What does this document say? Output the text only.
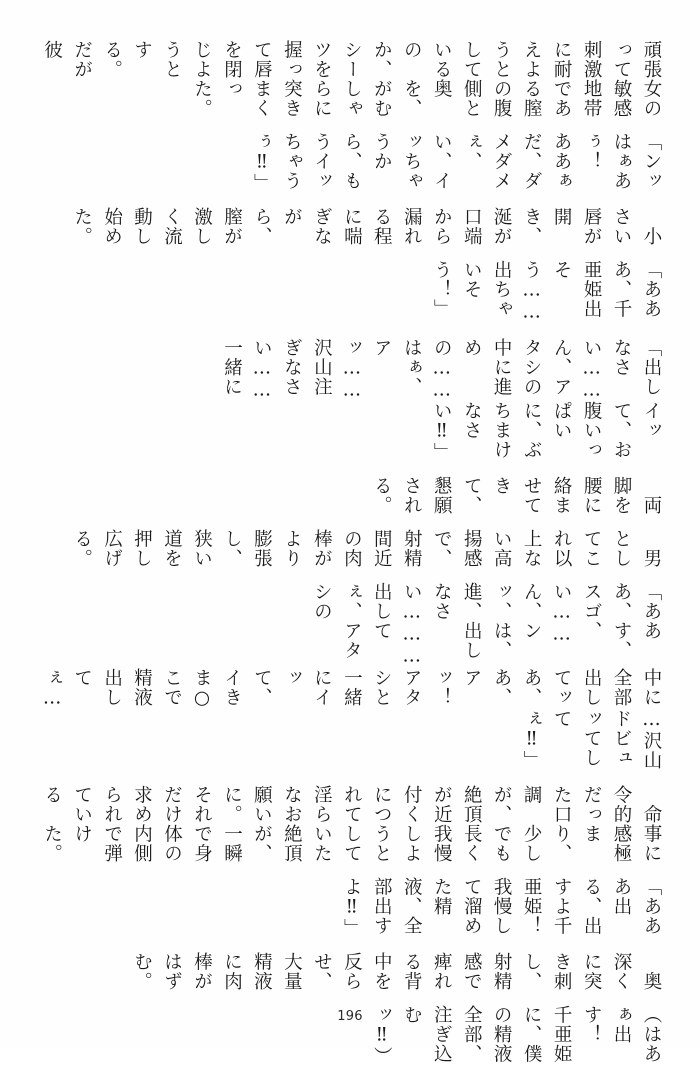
頑張って刺激に耐えようとしているのか、シーツを握って唇を閉じようとする。だが彼
女の敏感地帯である膣の腹側と奥を、がむしゃらに突きまくった。
「ンッはぁあぅ！　ああぁだ、ダメダメぇ、い、イッちゃうから、もうイッちゃうぅ‼」
　小さい唇が開き、涎が口端から漏れる程に喘ぎながら、膣が激しく流動し始めた。
「あああ、千亜姫出そう……出ちゃいそう！」
「出しなさい……ん、アタシの中に進めの……はぁ、アッ……沢山注ぎなさい……一緒に
イッて、お腹いっぱいに、ぶちまけなさい‼」
　両脚を腰に絡ませてきて、懇願される。
　男としてこれ以上ない高揚感で、射精間近の肉棒がより膨張し、狭い道を押し広げる。
「あああ、す、スゴ、い……ん、ンッ、は、進、出しなさい………出してぇ、アタシの
中に全部出してッあ、あ、アッ！　アタシと一緒にイッて、イきま○こで精液出してぇ…
…沢山ドビュッてしてぇ‼」
　命令的だった口調が、絶頂が近付くにつれて淫らなお願いに。それだけ求められている
事に感極まり、少しでも長く我慢しようとしていた絶頂が、一瞬で身体の内側で弾けた。
「あああ出る、出すよ千亜姫！　我慢して溜めた精液、全部出すよ‼」
　奥深くに突き刺し、射精感で痺れる背中を反らせ、大量精液に肉棒がはずむ。
（はあぁ出す！　千亜姫に、僕の精液全部、注ぎ込むッ‼）
196
